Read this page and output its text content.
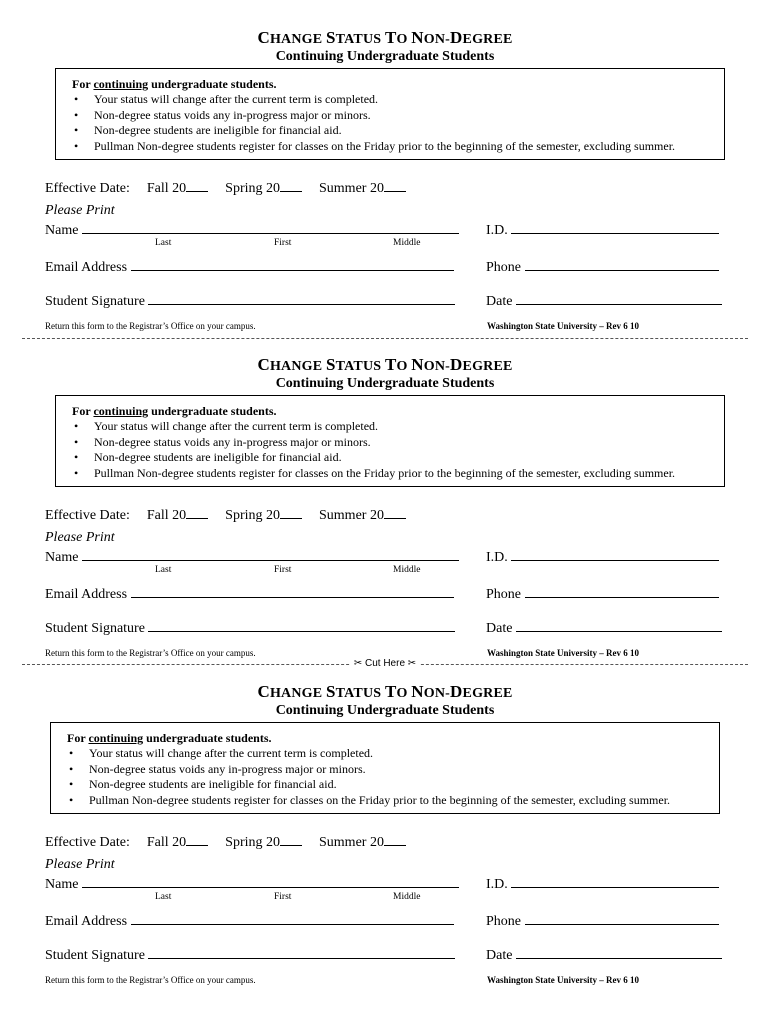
CHANGE STATUS TO NON-DEGREE
Continuing Undergraduate Students
For continuing undergraduate students.
• Your status will change after the current term is completed.
• Non-degree status voids any in-progress major or minors.
• Non-degree students are ineligible for financial aid.
• Pullman Non-degree students register for classes on the Friday prior to the beginning of the semester, excluding summer.
Effective Date: Fall 20	Spring 20	Summer 20
Please Print
Name
Last	First	Middle
I.D.
Email Address	Phone
Student Signature	Date
Return this form to the Registrar’s Office on your campus.	Washington State University – Rev 6 10
CHANGE STATUS TO NON-DEGREE
Continuing Undergraduate Students
For continuing undergraduate students.
• Your status will change after the current term is completed.
• Non-degree status voids any in-progress major or minors.
• Non-degree students are ineligible for financial aid.
• Pullman Non-degree students register for classes on the Friday prior to the beginning of the semester, excluding summer.
Effective Date: Fall 20	Spring 20	Summer 20
Please Print
Name
Last	First	Middle
I.D.
Email Address	Phone
Student Signature	Date
Return this form to the Registrar’s Office on your campus.	Washington State University – Rev 6 10
✂ Cut Here ✂
CHANGE STATUS TO NON-DEGREE
Continuing Undergraduate Students
For continuing undergraduate students.
• Your status will change after the current term is completed.
• Non-degree status voids any in-progress major or minors.
• Non-degree students are ineligible for financial aid.
• Pullman Non-degree students register for classes on the Friday prior to the beginning of the semester, excluding summer.
Effective Date: Fall 20	Spring 20	Summer 20
Please Print
Name
Last	First	Middle
I.D.
Email Address	Phone
Student Signature	Date
Return this form to the Registrar’s Office on your campus.	Washington State University – Rev 6 10
